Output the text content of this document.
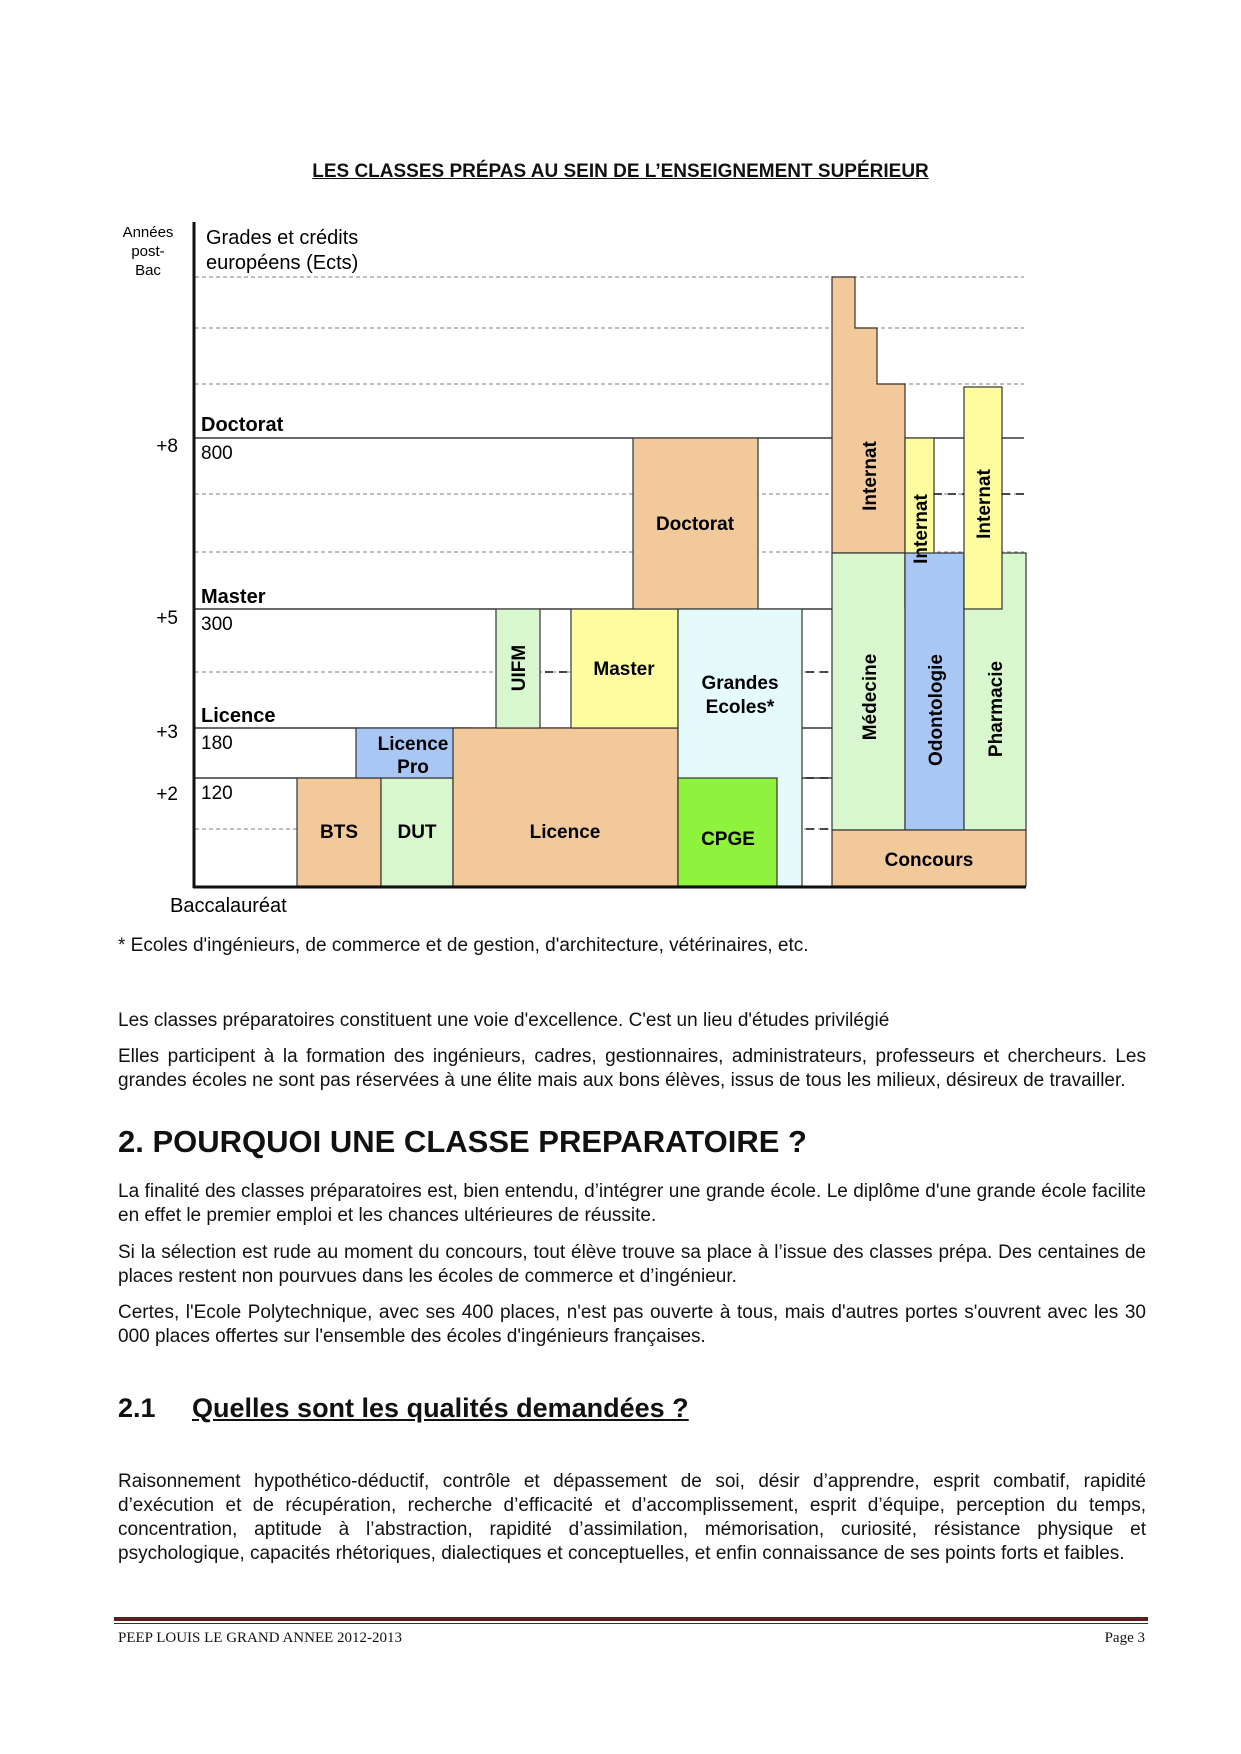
LES CLASSES PRÉPAS AU SEIN DE L’ENSEIGNEMENT SUPÉRIEUR
Années
post-
Bac
Grades et crédits
européens (Ects)
+8
+5
+3
+2
Doctorat
800
Master
300
Licence
180
120
Baccalauréat
BTS DUT
Licence
Pro
Licence
Master
Doctorat
Grandes
Ecoles*
CPGE
Concours
UIFM	Médecine Odontologie Pharmacie
Internat
Internat Internat

* Ecoles d'ingénieurs, de commerce et de gestion, d'architecture, vétérinaires, etc.

Les classes préparatoires constituent une voie d'excellence. C'est un lieu d'études privilégié

Elles participent à la formation des ingénieurs, cadres, gestionnaires, administrateurs, professeurs et chercheurs. Les grandes écoles ne sont pas réservées à une élite mais aux bons élèves, issus de tous les milieux, désireux de travailler.

2. POURQUOI UNE CLASSE PREPARATOIRE ?

La finalité des classes préparatoires est, bien entendu, d’intégrer une grande école. Le diplôme d'une grande école facilite en effet le premier emploi et les chances ultérieures de réussite.

Si la sélection est rude au moment du concours, tout élève trouve sa place à l’issue des classes prépa. Des centaines de places restent non pourvues dans les écoles de commerce et d’ingénieur.

Certes, l'Ecole Polytechnique, avec ses 400 places, n'est pas ouverte à tous, mais d'autres portes s'ouvrent avec les 30 000 places offertes sur l'ensemble des écoles d'ingénieurs françaises.

2.1 Quelles sont les qualités demandées ?

Raisonnement hypothético-déductif, contrôle et dépassement de soi, désir d’apprendre, esprit combatif, rapidité d’exécution et de récupération, recherche d’efficacité et d’accomplissement, esprit d’équipe, perception du temps, concentration, aptitude à l’abstraction, rapidité d’assimilation, mémorisation, curiosité, résistance physique et psychologique, capacités rhétoriques, dialectiques et conceptuelles, et enfin connaissance de ses points forts et faibles.

PEEP LOUIS LE GRAND ANNEE 2012-2013	Page 3
